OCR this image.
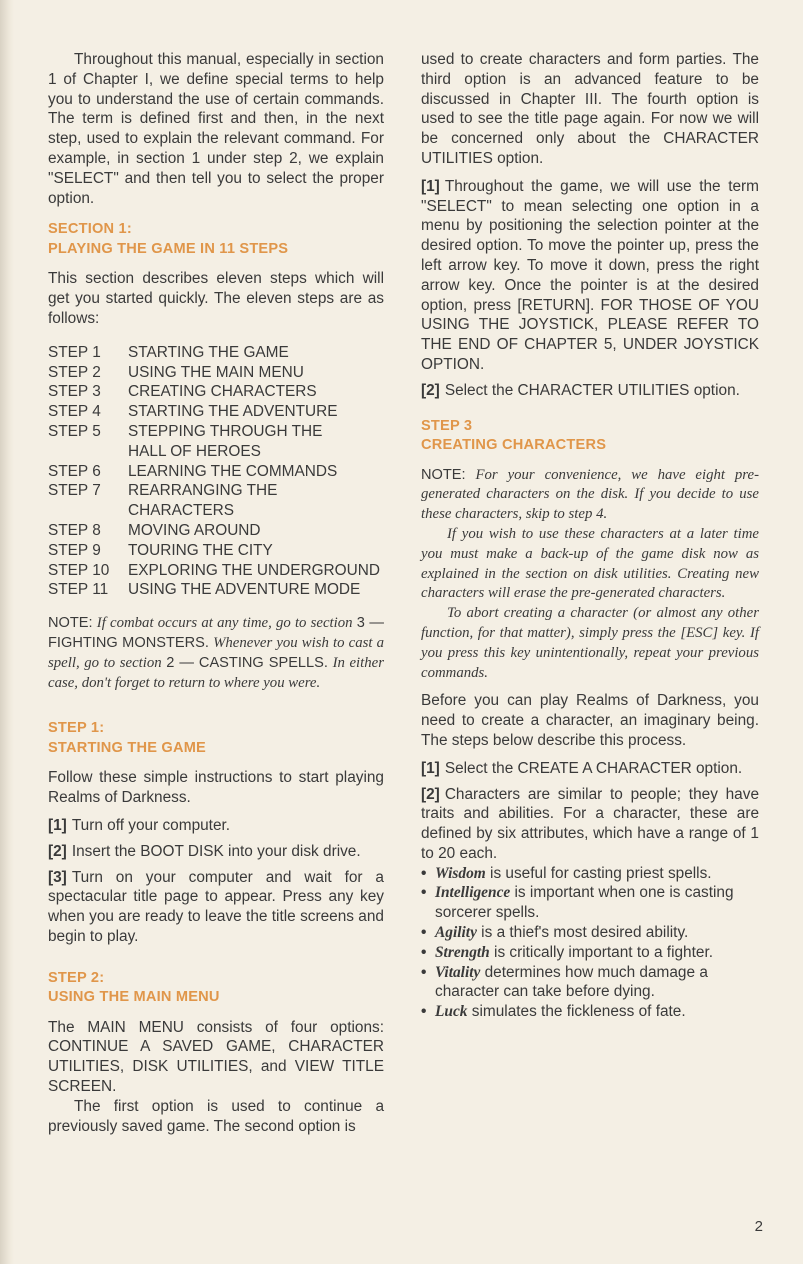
Throughout this manual, especially in section 1 of Chapter I, we define special terms to help you to understand the use of certain commands. The term is defined first and then, in the next step, used to explain the relevant command. For example, in section 1 under step 2, we explain "SELECT" and then tell you to select the proper option.

SECTION 1:
PLAYING THE GAME IN 11 STEPS

This section describes eleven steps which will get you started quickly. The eleven steps are as follows:

STEP 1	STARTING THE GAME
STEP 2	USING THE MAIN MENU
STEP 3	CREATING CHARACTERS
STEP 4	STARTING THE ADVENTURE
STEP 5	STEPPING THROUGH THE
HALL OF HEROES
STEP 6	LEARNING THE COMMANDS
STEP 7	REARRANGING THE CHARACTERS
STEP 8	MOVING AROUND
STEP 9	TOURING THE CITY
STEP 10	EXPLORING THE UNDERGROUND
STEP 11	USING THE ADVENTURE MODE

NOTE: If combat occurs at any time, go to section 3 — FIGHTING MONSTERS. Whenever you wish to cast a spell, go to section 2 — CASTING SPELLS. In either case, don't forget to return to where you were.

STEP 1:
STARTING THE GAME

Follow these simple instructions to start playing Realms of Darkness.

[1] Turn off your computer.
[2] Insert the BOOT DISK into your disk drive.
[3] Turn on your computer and wait for a spectacular title page to appear. Press any key when you are ready to leave the title screens and begin to play.
STEP 2:
USING THE MAIN MENU

The MAIN MENU consists of four options: CONTINUE A SAVED GAME, CHARACTER UTILITIES, DISK UTILITIES, and VIEW TITLE SCREEN.

The first option is used to continue a previously saved game. The second option is

used to create characters and form parties. The third option is an advanced feature to be discussed in Chapter III. The fourth option is used to see the title page again. For now we will be concerned only about the CHARACTER UTILITIES option.

[1] Throughout the game, we will use the term "SELECT" to mean selecting one option in a menu by positioning the selection pointer at the desired option. To move the pointer up, press the left arrow key. To move it down, press the right arrow key. Once the pointer is at the desired option, press [RETURN]. FOR THOSE OF YOU USING THE JOYSTICK, PLEASE REFER TO THE END OF CHAPTER 5, UNDER JOYSTICK OPTION.
[2] Select the CHARACTER UTILITIES option.
STEP 3
CREATING CHARACTERS

NOTE: For your convenience, we have eight pre-generated characters on the disk. If you decide to use these characters, skip to step 4.

If you wish to use these characters at a later time you must make a back-up of the game disk now as explained in the section on disk utilities. Creating new characters will erase the pre-generated characters.

To abort creating a character (or almost any other function, for that matter), simply press the [ESC] key. If you press this key unintentionally, repeat your previous commands.

Before you can play Realms of Darkness, you need to create a character, an imaginary being. The steps below describe this process.

[1] Select the CREATE A CHARACTER option.
[2] Characters are similar to people; they have traits and abilities. For a character, these are defined by six attributes, which have a range of 1 to 20 each.
• Wisdom is useful for casting priest spells.
• Intelligence is important when one is casting sorcerer spells.
• Agility is a thief's most desired ability.
• Strength is critically important to a fighter.
• Vitality determines how much damage a character can take before dying.
• Luck simulates the fickleness of fate.
2
